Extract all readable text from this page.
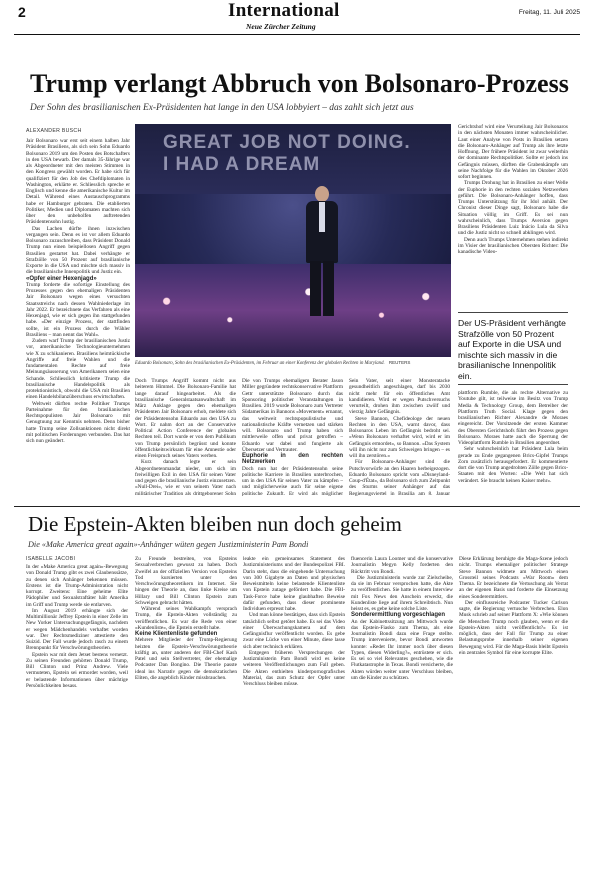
2	International
Neue Zürcher Zeitung
Freitag, 11. Juli 2025
Trump verlangt Abbruch von Bolsonaro-Prozess
Der Sohn des brasilianischen Ex-Präsidenten hat lange in den USA lobbyiert – das zahlt sich jetzt aus
ALEXANDER BUSCH

Jair Bolsonaro war erst seit einem halben Jahr Präsident Brasiliens, als sich sein Sohn Eduardo Bolsonaro 2019 um den Posten des Botschafters in den USA bewarb. Der damals 35-Jährige war als Abgeordneter mit den meisten Stimmen in den Kongress gewählt worden. Er habe sich für qualifiziert für den Job des Chefdiplomaten in Washington, erklärte er. Schliesslich spreche er Englisch und kenne die amerikanische Kultur im Detail. Während eines Austauschprogramms habe er Hamburger gebraten. Die etablierten Politiker, Medien und Diplomaten machten sich über den unbeholfen auftretenden Präsidentensohn lustig.

Das Lachen dürfte ihnen inzwischen vergangen sein. Denn es ist vor allem Eduardo Bolsonaro zuzuschreiben, dass Präsident Donald Trump nun einen beispiellosen Angriff gegen Brasilien gestartet hat. Dabei verhängte er Strafzölle von 50 Prozent auf brasilianische Exporte in die USA und mischte sich massiv in die brasilianische Innenpolitik und Justiz ein.

«Opfer einer Hexenjagd»

Trump forderte die sofortige Einstellung des Prozesses gegen den ehemaligen Präsidenten Jair Bolsonaro wegen eines versuchten Staatsstreichs nach dessen Wahlniederlage im Jahr 2022. Er bezeichnete das Verfahren als eine Hexenjagd, wie er sich gegen ihn stattgefunden habe. «Der einzige Prozess, der stattfinden sollte, ist ein Prozess durch die Wähler Brasiliens – man nennt das Wahl».

Zudem warf Trump der brasilianischen Justiz vor, amerikanische Technologieunternehmen wie X zu schikanieren. Brasiliens heimtückische Angriffe auf freie Wahlen und die fundamentalen Rechte auf freie Meinungsäusserung von Amerikanern seien eine Schande. Schliesslich kritisierte Trump die brasilianische Handelspolitik als protektionistisch, obwohl die USA mit Brasilien einen Handelsbilanzüberschuss erwirtschaften.

Weltweit dürften rechte Politiker Trumps Parteinahme für den brasilianischen Rechtspopulisten Jair Bolsonaro mit Genugtuung zur Kenntnis nehmen. Denn bisher hatte Trump seine Zollsanktionen nicht direkt mit politischen Forderungen verbunden. Das hat sich nun geändert.

GREAT JOB NOT DOING. I HAD A DREAM
Eduardo Bolsonaro, Sohn des brasilianischen Ex-Präsidenten, im Februar an einer Konferenz der globalen Rechten in Maryland. REUTERS

Doch Trumps Angriff kommt nicht aus heiterem Himmel. Die Bolsonaro-Familie hat lange darauf hingearbeitet. Als die brasilianische Generalstaatsanwaltschaft im März Anklage gegen den ehemaligen Präsidenten Jair Bolsonaro erhob, meldete sich der Präsidentensohn Eduardo aus den USA zu Wort. Er nahm dort an der Conservative Political Action Conference der globalen Rechten teil. Dort wurde er von dem Publikum von Trump persönlich begrüsst und konnte öffentlichkeitswirksam für eine Amnestie oder einen Freispruch seines Vaters werben.

Kurz danach legte er sein Abgeordnetenmandat nieder, um sich im freiwilligen Exil in den USA für seinen Vater und gegen die brasilianische Justiz einzusetzen. «Null-Drei», wie er von seinem Vater nach militärischer Tradition als drittgeborener Sohn

Die von Trumps ehemaligem Berater Jason Miller gegründete rechtskonservative Plattform Gettr unterstützte Bolsonaro durch das Sponsoring politischer Veranstaltungen in Brasilien. 2019 wurde Bolsonaro zum Vertreter Südamerikas in Bannons «Movement» ernannt, das weltweit rechtspopulistische und nationalistische Kräfte vernetzen und stärken will. Bolsonaro und Trump haben sich mittlerweile offen und privat getroffen – Eduardo war dabei und fungierte als Übersetzer und Vertrauter.

Euphorie in den rechten Netzwerken

Doch nun hat der Präsidentensohn seine politische Karriere in Brasilien unterbrochen, um in den USA für seinen Vater zu kämpfen – und möglicherweise auch für seine eigene politische Zukunft. Er wird als möglicher

Sein Vater, seit einer Monsteratacke gesundheitlich angeschlagen, darf bis 2030 nicht mehr für ein öffentliches Amt kandidieren. Wird er wegen Putschversuchs verurteilt, drohen ihm zwischen zwölf und vierzig Jahre Gefängnis.

Steve Bannon, Chefideologe der neuen Rechten in den USA, warnt davor, dass Bolsonaros Leben im Gefängnis bedroht sei. «Wenn Bolsonaro verhaftet wird, wird er im Gefängnis ermordet», so Bannon. «Das System will ihn nicht nur zum Schweigen bringen – es will ihn zerstören.»

Für Bolsonaro-Anhänger sind die Putschvorwürfe an den Haaren herbeigezogen. Eduardo Bolsonaro spricht vom «Disneyland-Coup-d'État», da Bolsonaro sich zum Zeitpunkt des Sturms seiner Anhänger auf das Regierungsviertel in Brasilia am 8. Januar

Gerichtshof wird eine Verurteilung Jair Bolsonaros in den nächsten Monaten immer wahrscheinlicher. Laut einer Analyse von Posts in Brasilien setzen die Bolsonaro-Anhänger auf Trump als ihre letzte Hoffnung. Der frühere Präsident ist zwar weiterhin der dominante Rechtspolitiker. Sollte er jedoch ins Gefängnis müssen, dürften die Grabenkämpfe um seine Nachfolge für die Wahlen im Oktober 2026 sofort beginnen.

Trumps Drohung hat in Brasilien zu einer Welle der Euphorie in den rechten sozialen Netzwerken geführt. Die Bolsonaro-Anhänger hoffen, dass Trumps Unterstützung für ihr Idol anhält. Der Chronist dieser Dinge sagt, Bolsonaro habe die Situation völlig im Griff. Es sei nun wahrscheinlich, dass Trumps Aversion gegen Brasiliens Präsidenten Luiz Inácio Lula da Silva und die Justiz nicht so schnell abklingen wird.

Denn auch Trumps Unternehmen stehen indirekt im Visier der brasilianischen Obersten Richter: Die kanadische Video-

Der US-Präsident verhängte Strafzölle von 50 Prozent auf Exporte in die USA und mischte sich massiv in die brasilianische Innenpolitik ein.

plattform Rumble, die als rechte Alternative zu Youtube gilt, ist teilweise im Besitz von Trump Media & Technology Group, dem Betreiber der Plattform Truth Social. Klage gegen den brasilianischen Richter Alexandre de Moraes eingereicht. Der Vorsitzende der ersten Kammer des Obersten Gerichtshofs führt den Prozess gegen Bolsonaro. Moraes hatte auch die Sperrung der Videoplattform Rumble in Brasilien angeordnet.

Sehr wahrscheinlich hat Präsident Lula beim gerade zu Ende gegangenen Brics-Gipfel Trumps Zorn zusätzlich herausgefordert. Er kommentierte dort die von Trump angedrohten Zölle gegen Brics-Staaten mit den Worten: «Die Welt hat sich verändert. Sie braucht keinen Kaiser mehr».

Die Epstein-Akten bleiben nun doch geheim
Die «Make America great again»-Anhänger wüten gegen Justizministerin Pam Bondi
ISABELLE JACOBI

In der «Make America great again»-Bewegung von Donald Trump gibt es zwei Glaubenssätze, zu denen sich Anhänger bekennen müssen. Erstens ist die Trump-Administration nicht korrupt. Zweitens: Eine geheime Elite Pädophiler und Sexualstraftäter hält Amerika im Griff und Trump werde sie entlarven.

Im August 2019 erhängte sich der Multimillionär Jeffrey Epstein in einer Zelle im New Yorker Untersuchungsgefängnis, nachdem er wegen Mädchenhandels verhaftet worden war. Der Rechtsmediziner attestierte den Suizid. Der Fall wurde jedoch rasch zu einem Brennpunkt für Verschwörungstheorien.

Epstein war mit dem Jetset bestens vernetzt. Zu seinen Freunden gehörten Donald Trump, Bill Clinton und Prinz Andrew. Viele vermuteten, Epstein sei ermordet worden, weil er belastende Informationen über mächtige Persönlichkeiten besass.

Zu Freunde bestreiten, von Epsteins Sexualverbrechen gewusst zu haben. Doch Zweifel an der offiziellen Version von Epsteins Tod kursierten unter den Verschwörungstheoretikern im Internet. Sie hingen der Theorie an, dass linke Kreise um Hillary und Bill Clinton Epstein zum Schweigen gebracht hätten.

Während seines Wahlkampfs versprach Trump, die Epstein-Akten vollständig zu veröffentlichen. Es war die Rede von einer «Kundenliste», die Epstein erstellt habe.

Keine Klientenliste gefunden

Mehrere Mitglieder der Trump-Regierung heizten die Epstein-Verschwörungstheorie kräftig an, unter anderen der FBI-Chef Kash Patel und sein Stellvertreter, der ehemalige Podcaster Dan Bongino. Die Theorie passte ideal ins Narrativ gegen die demokratischen Eliten, die angeblich Kinder missbrauchen.

leakte ein gemeinsames Statement des Justizministeriums und der Bundespolizei FBI. Darin steht, dass die eingehende Untersuchung von 300 Gigabyte an Daten und physischen Beweismitteln keine belastende Klientenliste von Epstein zutage gefördert habe. Die FBI-Task-Force habe keine glaubhaften Beweise dafür gefunden, dass dieser prominente Individuen erpresst habe.

Und man könne bestätigen, dass sich Epstein tatsächlich selbst getötet habe. Es sei das Video einer Überwachungskamera auf dem Gefängnisflur veröffentlicht worden. Es gebe zwar eine Lücke von einer Minute, diese lasse sich aber technisch erklären.

Entgegen früheren Versprechungen der Justizministerin Pam Bondi wird es keine weiteren Veröffentlichungen zum Fall geben. Die Akten enthielten kinderpornografisches Material, das zum Schutz der Opfer unter Verschluss bleiben müsse.

fluencerin Laura Loomer und die konservative Journalistin Megyn Kelly forderten den Rücktritt von Bondi.

Die Justizministerin wurde zur Zielscheibe, da sie im Februar versprochen hatte, die Akte zu veröffentlichen. Sie hatte in einem Interview mit Fox News den Anschein erweckt, die Kundenliste liege auf ihrem Schreibtisch. Nun heisst es, es gebe keine solche Liste.

Sonderermittlung vorgeschlagen

An der Kabinettssitzung am Mittwoch wurde das Epstein-Fiasko zum Thema, als eine Journalistin Bondi dazu eine Frage stellte. Trump intervenierte, bevor Bondi antworten konnte: «Redet Ihr immer noch über diesen Typen, diesen Widerling?», entrüstete er sich. Es sei so viel Relevantes geschehen, wie die Flutkatastrophe in Texas. Bondi versicherte, die Akten würden weiter unter Verschluss bleiben, um die Kinder zu schützen.

Diese Erklärung beruhigte die Maga-Szene jedoch nicht. Trumps ehemaliger politischer Stratege Steve Bannon widmete am Mittwoch einen Grossteil seines Podcasts «War Room» dem Thema. Er bezeichnete die Vertuschung als Verrat an der eigenen Basis und forderte die Einsetzung eines Sonderermittlers.

Der einflussreiche Podcaster Tucker Carlson sagte, die Regierung vertusche Verbrechen. Elon Musk schrieb auf seiner Plattform X: «Wie können die Menschen Trump noch glauben, wenn er die Epstein-Akten nicht veröffentlicht?» Es ist möglich, dass der Fall für Trump zu einer Belastungsprobe innerhalb seiner eigenen Bewegung wird. Für die Maga-Basis bleibt Epstein ein zentrales Symbol für eine korrupte Elite.
